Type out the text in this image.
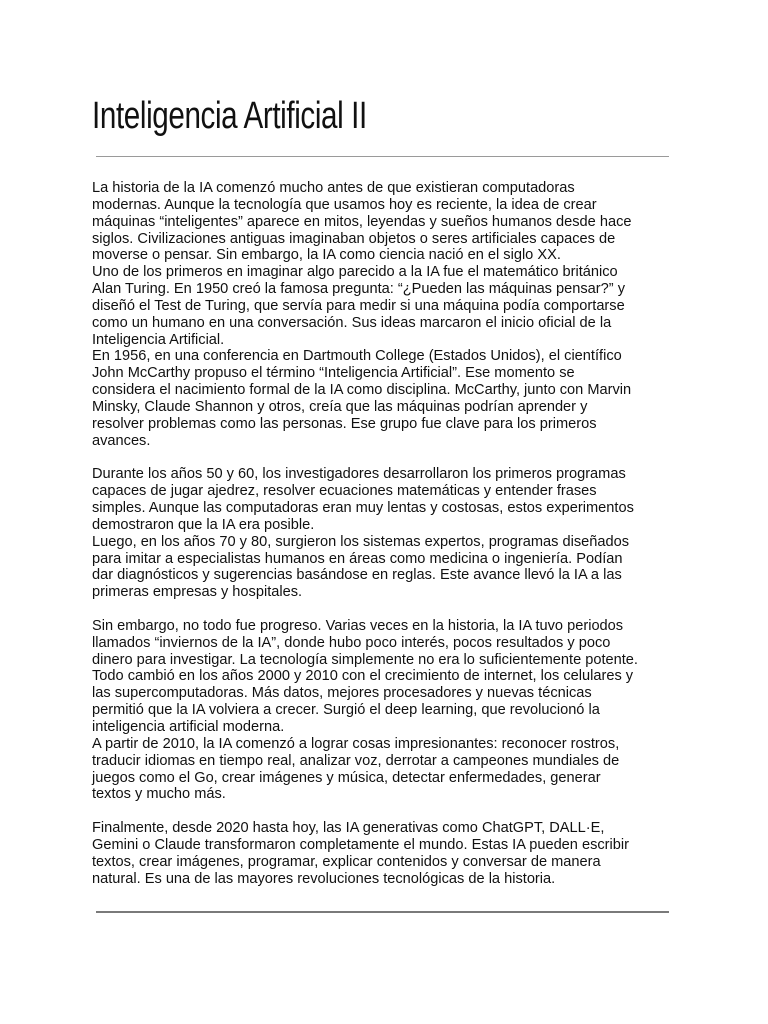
Inteligencia Artificial II

La historia de la IA comenzó mucho antes de que existieran computadoras

modernas. Aunque la tecnología que usamos hoy es reciente, la idea de crear

máquinas “inteligentes” aparece en mitos, leyendas y sueños humanos desde hace

siglos. Civilizaciones antiguas imaginaban objetos o seres artificiales capaces de

moverse o pensar. Sin embargo, la IA como ciencia nació en el siglo XX.

Uno de los primeros en imaginar algo parecido a la IA fue el matemático británico

Alan Turing. En 1950 creó la famosa pregunta: “¿Pueden las máquinas pensar?” y

diseñó el Test de Turing, que servía para medir si una máquina podía comportarse

como un humano en una conversación. Sus ideas marcaron el inicio oficial de la

Inteligencia Artificial.

En 1956, en una conferencia en Dartmouth College (Estados Unidos), el científico

John McCarthy propuso el término “Inteligencia Artificial”. Ese momento se

considera el nacimiento formal de la IA como disciplina. McCarthy, junto con Marvin

Minsky, Claude Shannon y otros, creía que las máquinas podrían aprender y

resolver problemas como las personas. Ese grupo fue clave para los primeros

avances.

Durante los años 50 y 60, los investigadores desarrollaron los primeros programas

capaces de jugar ajedrez, resolver ecuaciones matemáticas y entender frases

simples. Aunque las computadoras eran muy lentas y costosas, estos experimentos

demostraron que la IA era posible.

Luego, en los años 70 y 80, surgieron los sistemas expertos, programas diseñados

para imitar a especialistas humanos en áreas como medicina o ingeniería. Podían

dar diagnósticos y sugerencias basándose en reglas. Este avance llevó la IA a las

primeras empresas y hospitales.

Sin embargo, no todo fue progreso. Varias veces en la historia, la IA tuvo periodos

llamados “inviernos de la IA”, donde hubo poco interés, pocos resultados y poco

dinero para investigar. La tecnología simplemente no era lo suficientemente potente.

Todo cambió en los años 2000 y 2010 con el crecimiento de internet, los celulares y

las supercomputadoras. Más datos, mejores procesadores y nuevas técnicas

permitió que la IA volviera a crecer. Surgió el deep learning, que revolucionó la

inteligencia artificial moderna.

A partir de 2010, la IA comenzó a lograr cosas impresionantes: reconocer rostros,

traducir idiomas en tiempo real, analizar voz, derrotar a campeones mundiales de

juegos como el Go, crear imágenes y música, detectar enfermedades, generar

textos y mucho más.

Finalmente, desde 2020 hasta hoy, las IA generativas como ChatGPT, DALL·E,

Gemini o Claude transformaron completamente el mundo. Estas IA pueden escribir

textos, crear imágenes, programar, explicar contenidos y conversar de manera

natural. Es una de las mayores revoluciones tecnológicas de la historia.
